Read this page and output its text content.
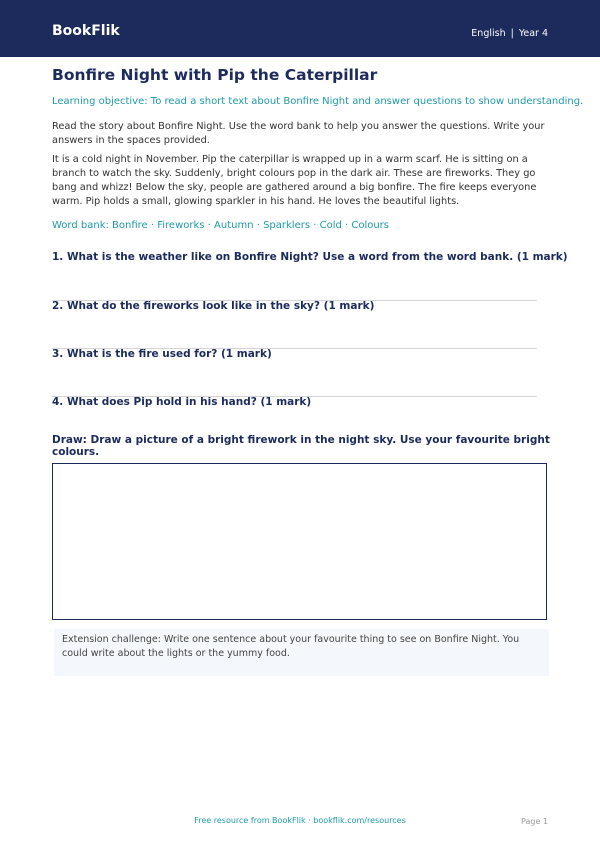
BookFlik	English | Year 4
Bonfire Night with Pip the Caterpillar
Learning objective: To read a short text about Bonfire Night and answer questions to show understanding.
Read the story about Bonfire Night. Use the word bank to help you answer the questions. Write your answers in the spaces provided.
It is a cold night in November. Pip the caterpillar is wrapped up in a warm scarf. He is sitting on a branch to watch the sky. Suddenly, bright colours pop in the dark air. These are fireworks. They go bang and whizz! Below the sky, people are gathered around a big bonfire. The fire keeps everyone warm. Pip holds a small, glowing sparkler in his hand. He loves the beautiful lights.
Word bank: Bonfire · Fireworks · Autumn · Sparklers · Cold · Colours
1. What is the weather like on Bonfire Night? Use a word from the word bank. (1 mark)
2. What do the fireworks look like in the sky? (1 mark)
3. What is the fire used for? (1 mark)
4. What does Pip hold in his hand? (1 mark)
Draw: Draw a picture of a bright firework in the night sky. Use your favourite bright colours.
Extension challenge: Write one sentence about your favourite thing to see on Bonfire Night. You could write about the lights or the yummy food.
Free resource from BookFlik · bookflik.com/resources	Page 1
